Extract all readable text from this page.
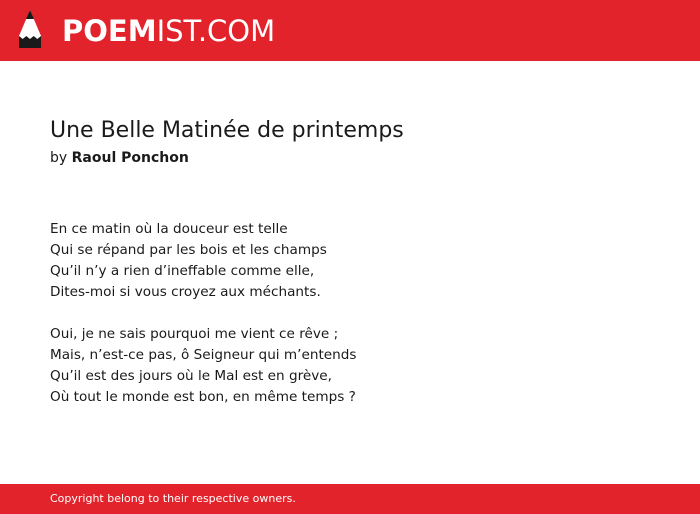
POEMIST.COM
Une Belle Matinée de printemps
by Raoul Ponchon
En ce matin où la douceur est telle
Qui se répand par les bois et les champs
Qu’il n’y a rien d’ineffable comme elle,
Dites-moi si vous croyez aux méchants.
Oui, je ne sais pourquoi me vient ce rêve ;
Mais, n’est-ce pas, ô Seigneur qui m’entends
Qu’il est des jours où le Mal est en grève,
Où tout le monde est bon, en même temps ?
Copyright belong to their respective owners.
